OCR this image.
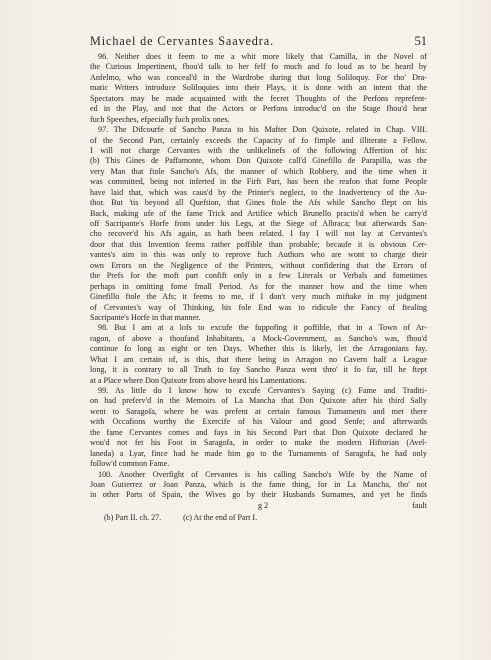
Michael de Cervantes Saavedra.	51
96. Neither does it feem to me a whit more likely that Camilla, in the Novel of
the Curious Impertinent, fhou'd talk to her felf fo much and fo loud as to be heard by
Anfelmo, who was conceal'd in the Wardrobe during that long Soliloquy. For tho' Dra-
matic Writers introduce Soliloquies into their Plays, it is done with an intent that the
Spectators may be made acquainted with the fecret Thoughts of the Perfons reprefent-
ed in the Play, and not that the Actors or Perfons introduc'd on the Stage fhou'd hear
fuch Speeches, efpecially fuch prolix ones.
97. The Difcourfe of Sancho Panza to his Mafter Don Quixote, related in Chap. VIII.
of the Second Part, certainly exceeds the Capacity of fo fimple and illiterate a Fellow.
I will not charge Cervantes with the unlikelinefs of the following Affertion of his:
(b) This Gines de Paffamonte, whom Don Quixote call'd Ginefillo de Parapilla, was the
very Man that ftole Sancho's Afs, the manner of which Robbery, and the time when it
was committed, being not inferted in the Firft Part, has been the reafon that fome People
have laid that, which was caus'd by the Printer's neglect, to the Inadvertency of the Au-
thor. But 'tis beyond all Queftion, that Gines ftole the Afs while Sancho flept on his
Back, making ufe of the fame Trick and Artifice which Brunello practis'd when he carry'd
off Sacripante's Horfe from under his Legs, at the Siege of Albraca; but afterwards San-
cho recover'd his Afs again, as hath been related. I fay I will not lay at Cervantes's
door that this Invention feems rather poffible than probable; becaufe it is obvious Cer-
vantes's aim in this was only to reprove fuch Authors who are wont to charge their
own Errors on the Negligence of the Printers, without confidering that the Errors of
the Prefs for the moft part confift only in a few Literals or Verbals and fometimes
perhaps in omitting fome fmall Period. As for the manner how and the time when
Ginefillo ftole the Afs; it feems to me, if I don't very much miftake in my judgment
of Cervantes's way of Thinking, his fole End was to ridicule the Fancy of ftealing
Sacripante's Horfe in that manner.
98. But I am at a lofs to excufe the fuppofing it poffible, that in a Town of Ar-
ragon, of above a thoufand Inhabitants, a Mock-Government, as Sancho's was, fhou'd
continue fo long as eight or ten Days. Whether this is likely, let the Arragonians fay.
What I am certain of, is this, that there being in Arragon no Cavern half a League
long, it is contrary to all Truth to fay Sancho Panza went thro' it fo far, till he ftept
at a Place where Don Quixote from above heard his Lamentations.
99. As little do I know how to excufe Cervantes's Saying (c) Fame and Traditi-
on had preferv'd in the Memoirs of La Mancha that Don Quixote after his third Sally
went to Saragofa, where he was prefent at certain famous Turnaments and met there
with Occafions worthy the Exercife of his Valour and good Senfe; and afterwards
the fame Cervantes comes and fays in his Second Part that Don Quixote declared he
wou'd not fet his Foot in Saragofa, in order to make the modern Hiftorian (Avel-
laneda) a Lyar, fince had he made him go to the Turnaments of Saragofa, he had only
follow'd common Fame.
100. Another Overfight of Cervantes is his calling Sancho's Wife by the Name of
Joan Gutierrez or Joan Panza, which is the fame thing, for in La Mancha, tho' not
in other Parts of Spain, the Wives go by their Husbands Surnames, and yet he finds
g 2	fault
(b) Part II. ch. 27.	(c) At the end of Part I.
